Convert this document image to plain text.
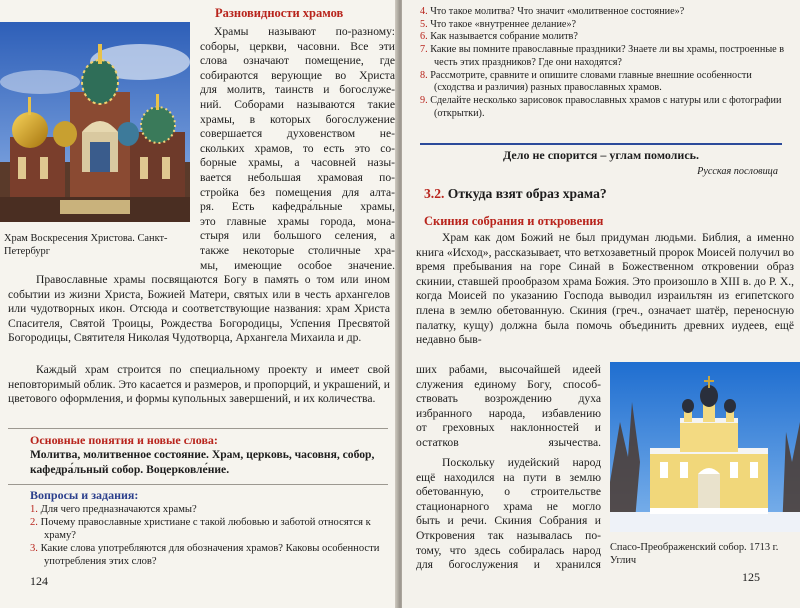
Храм Воскресения Христова. Санкт-Петербург
Разновидности храмов
Храмы называют по-разному:
соборы, церкви, часовни. Все эти
слова означают помещение, где
собираются верующие во Христа
для молитв, таинств и богослуже-
ний. Соборами называются такие
храмы, в которых богослужение
совершается духовенством не-
скольких храмов, то есть это со-
борные храмы, а часовней назы-
вается небольшая храмовая по-
стройка без помещения для алта-
ря. Есть кафедра́льные храмы,
это главные храмы города, мона-
стыря или большого селения, а
также некоторые столичные хра-
мы, имеющие особое значение.
Православные храмы посвящаются Богу в память о том или ином событии из жизни Христа, Божией Матери, святых или в честь архангелов или чудотворных икон. Отсюда и соответствующие названия: храм Христа Спасителя, Святой Троицы, Рождества Богородицы, Успения Пресвятой Богородицы, Святителя Николая Чудотворца, Архангела Михаила и др.
Каждый храм строится по специальному проекту и имеет свой неповторимый облик. Это касается и размеров, и пропорций, и украшений, и цветового оформления, и формы купольных завершений, и их количества.
Основные понятия и новые слова:
Молитва, молитвенное состояние. Храм, церковь, часовня, собор, кафедра́льный собор. Воцерковле́ние.
Вопросы и задания:
1. Для чего предназначаются храмы?
2. Почему православные христиане с такой любовью и заботой относятся к храму?
3. Какие слова употребляются для обозначения храмов? Каковы особенности употребления этих слов?
124
4. Что такое молитва? Что значит «молитвенное состояние»?
5. Что такое «внутреннее делание»?
6. Как называется собрание молитв?
7. Какие вы помните православные праздники? Знаете ли вы храмы, построенные в честь этих праздников? Где они находятся?
8. Рассмотрите, сравните и опишите словами главные внешние особенности (сходства и различия) разных православных храмов.
9. Сделайте несколько зарисовок православных храмов с натуры или с фотографии (открытки).
Дело не спорится – углам помолись.
Русская пословица
3.2. Откуда взят образ храма?
Скиния собрания и откровения
Храм как дом Божий не был придуман людьми. Библия, а именно книга «Исход», рассказывает, что ветхозаветный пророк Моисей получил во время пребывания на горе Синай в Божественном откровении образ скинии, ставшей прообразом храма Божия. Это произошло в XIII в. до Р. Х., когда Моисей по указанию Господа выводил израильтян из египетского плена в землю обетованную. Скиния (греч., означает шатёр, переносную палатку, кущу) должна была помочь объединить древних иудеев, ещё недавно быв-
ших рабами, высочайшей идеей
служения единому Богу, способ-
ствовать возрождению духа
избранного народа, избавлению
от греховных наклонностей и
остатков язычества.
Поскольку иудейский народ
ещё находился на пути в землю
обетованную, о строительстве
стационарного храма не могло
быть и речи. Скиния Собрания и
Откровения так называлась по-
тому, что здесь собиралась народ
для богослужения и хранился
Спасо-Преображенский собор. 1713 г. Углич
125
